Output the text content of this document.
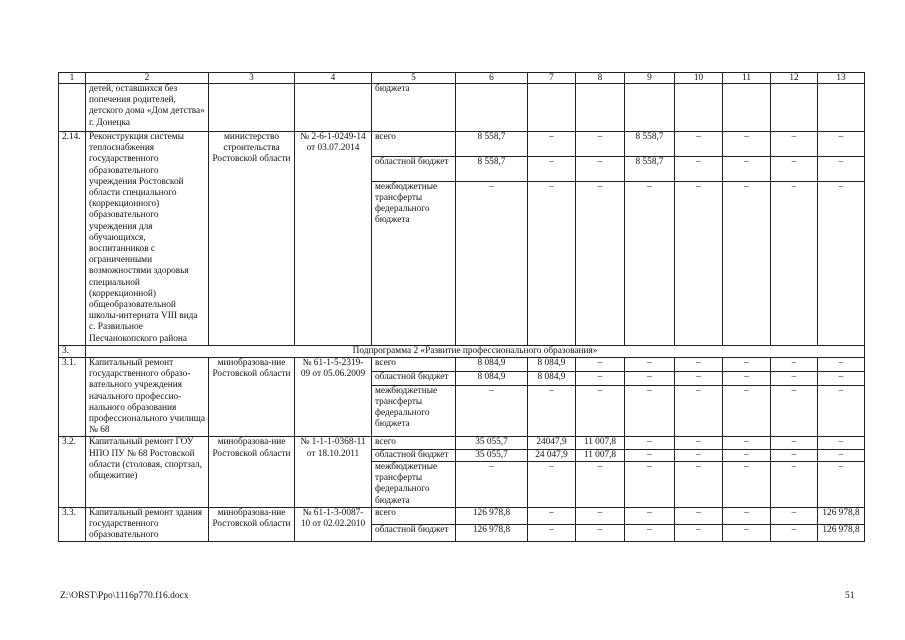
1	2	3	4	5	6	7	8	9	10	11	12	13
	детей, оставшихся без попечения родителей, детского дома «Дом детства» г. Донецка			бюджета								
2.14.	Реконструкция системы теплоснабжения государственного образовательного учреждения Ростовской области специального (коррекционного) образовательного учреждения для обучающихся, воспитанников с ограниченными возможностями здоровья специальной (коррекционной) общеобразовательной школы-интерната VIII вида с. Развильное Песчанокопского района	министерство строительства Ростовской области	№ 2-6-1-0249-14 от 03.07.2014	всего	8 558,7	–	–	8 558,7	–	–	–	–
				областной бюджет	8 558,7	–	–	8 558,7	–	–	–	–
				межбюджетные трансферты федерального бюджета	–	–	–	–	–	–	–	–
3.	Подпрограмма 2 «Развитие профессионального образования»											
3.1.	Капитальный ремонт государственного образо-вательного учреждения начального профессио-нального образования профессионального училища № 68	минобразова-ние Ростовской области	№ 61-1-5-2319-09 от 05.06.2009	всего	8 084,9	8 084,9	–	–	–	–	–	–
				областной бюджет	8 084,9	8 084,9	–	–	–	–	–	–
				межбюджетные трансферты федерального бюджета	–	–	–	–	–	–	–	–
3.2.	Капитальный ремонт ГОУ НПО ПУ № 68 Ростовской области (столовая, спортзал, общежитие)	минобразова-ние Ростовской области	№ 1-1-1-0368-11 от 18.10.2011	всего	35 055,7	24047,9	11 007,8	–	–	–	–	–
				областной бюджет	35 055,7	24 047,9	11 007,8	–	–	–	–	–
				межбюджетные трансферты федерального бюджета	–	–	–	–	–	–	–	–
3.3.	Капитальный ремонт здания государственного образовательного	минобразова-ние Ростовской области	№ 61-1-3-0087-10 от 02.02.2010	всего	126 978,8	–	–	–	–	–	–	126 978,8
				областной бюджет	126 978,8	–	–	–	–	–	–	126 978,8
Z:\ORST\Ppo\1116p770.f16.docx	51
